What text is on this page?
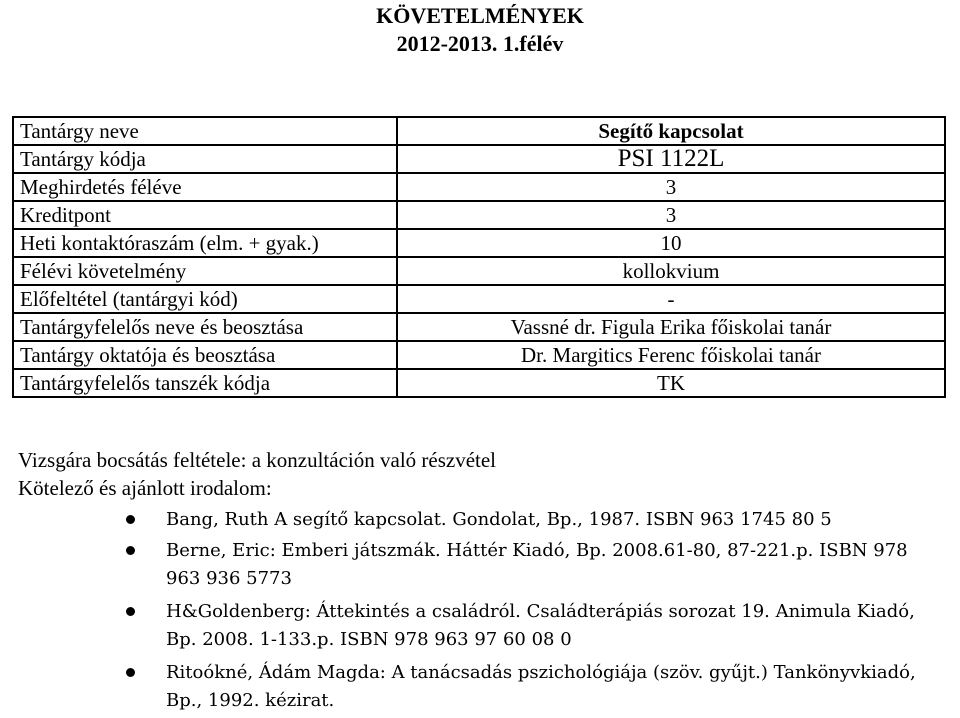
KÖVETELMÉNYEK
2012-2013. 1.félév
Tantárgy neve	Segítő kapcsolat
Tantárgy kódja	PSI 1122L
Meghirdetés féléve	3
Kreditpont	3
Heti kontaktóraszám (elm. + gyak.)	10
Félévi követelmény	kollokvium
Előfeltétel (tantárgyi kód)	-
Tantárgyfelelős neve és beosztása	Vassné dr. Figula Erika főiskolai tanár
Tantárgy oktatója és beosztása	Dr. Margitics Ferenc főiskolai tanár
Tantárgyfelelős tanszék kódja	TK
Vizsgára bocsátás feltétele: a konzultáción való részvétel
Kötelező és ajánlott irodalom:
Bang, Ruth A segítő kapcsolat. Gondolat, Bp., 1987. ISBN 963 1745 80 5
Berne, Eric: Emberi játszmák. Háttér Kiadó, Bp. 2008.61-80, 87-221.p. ISBN 978 963 936 5773
H&Goldenberg: Áttekintés a családról. Családterápiás sorozat 19. Animula Kiadó, Bp. 2008. 1-133.p. ISBN 978 963 97 60 08 0
Ritoókné, Ádám Magda: A tanácsadás pszichológiája (szöv. gyűjt.) Tankönyvkiadó, Bp., 1992. kézirat.
